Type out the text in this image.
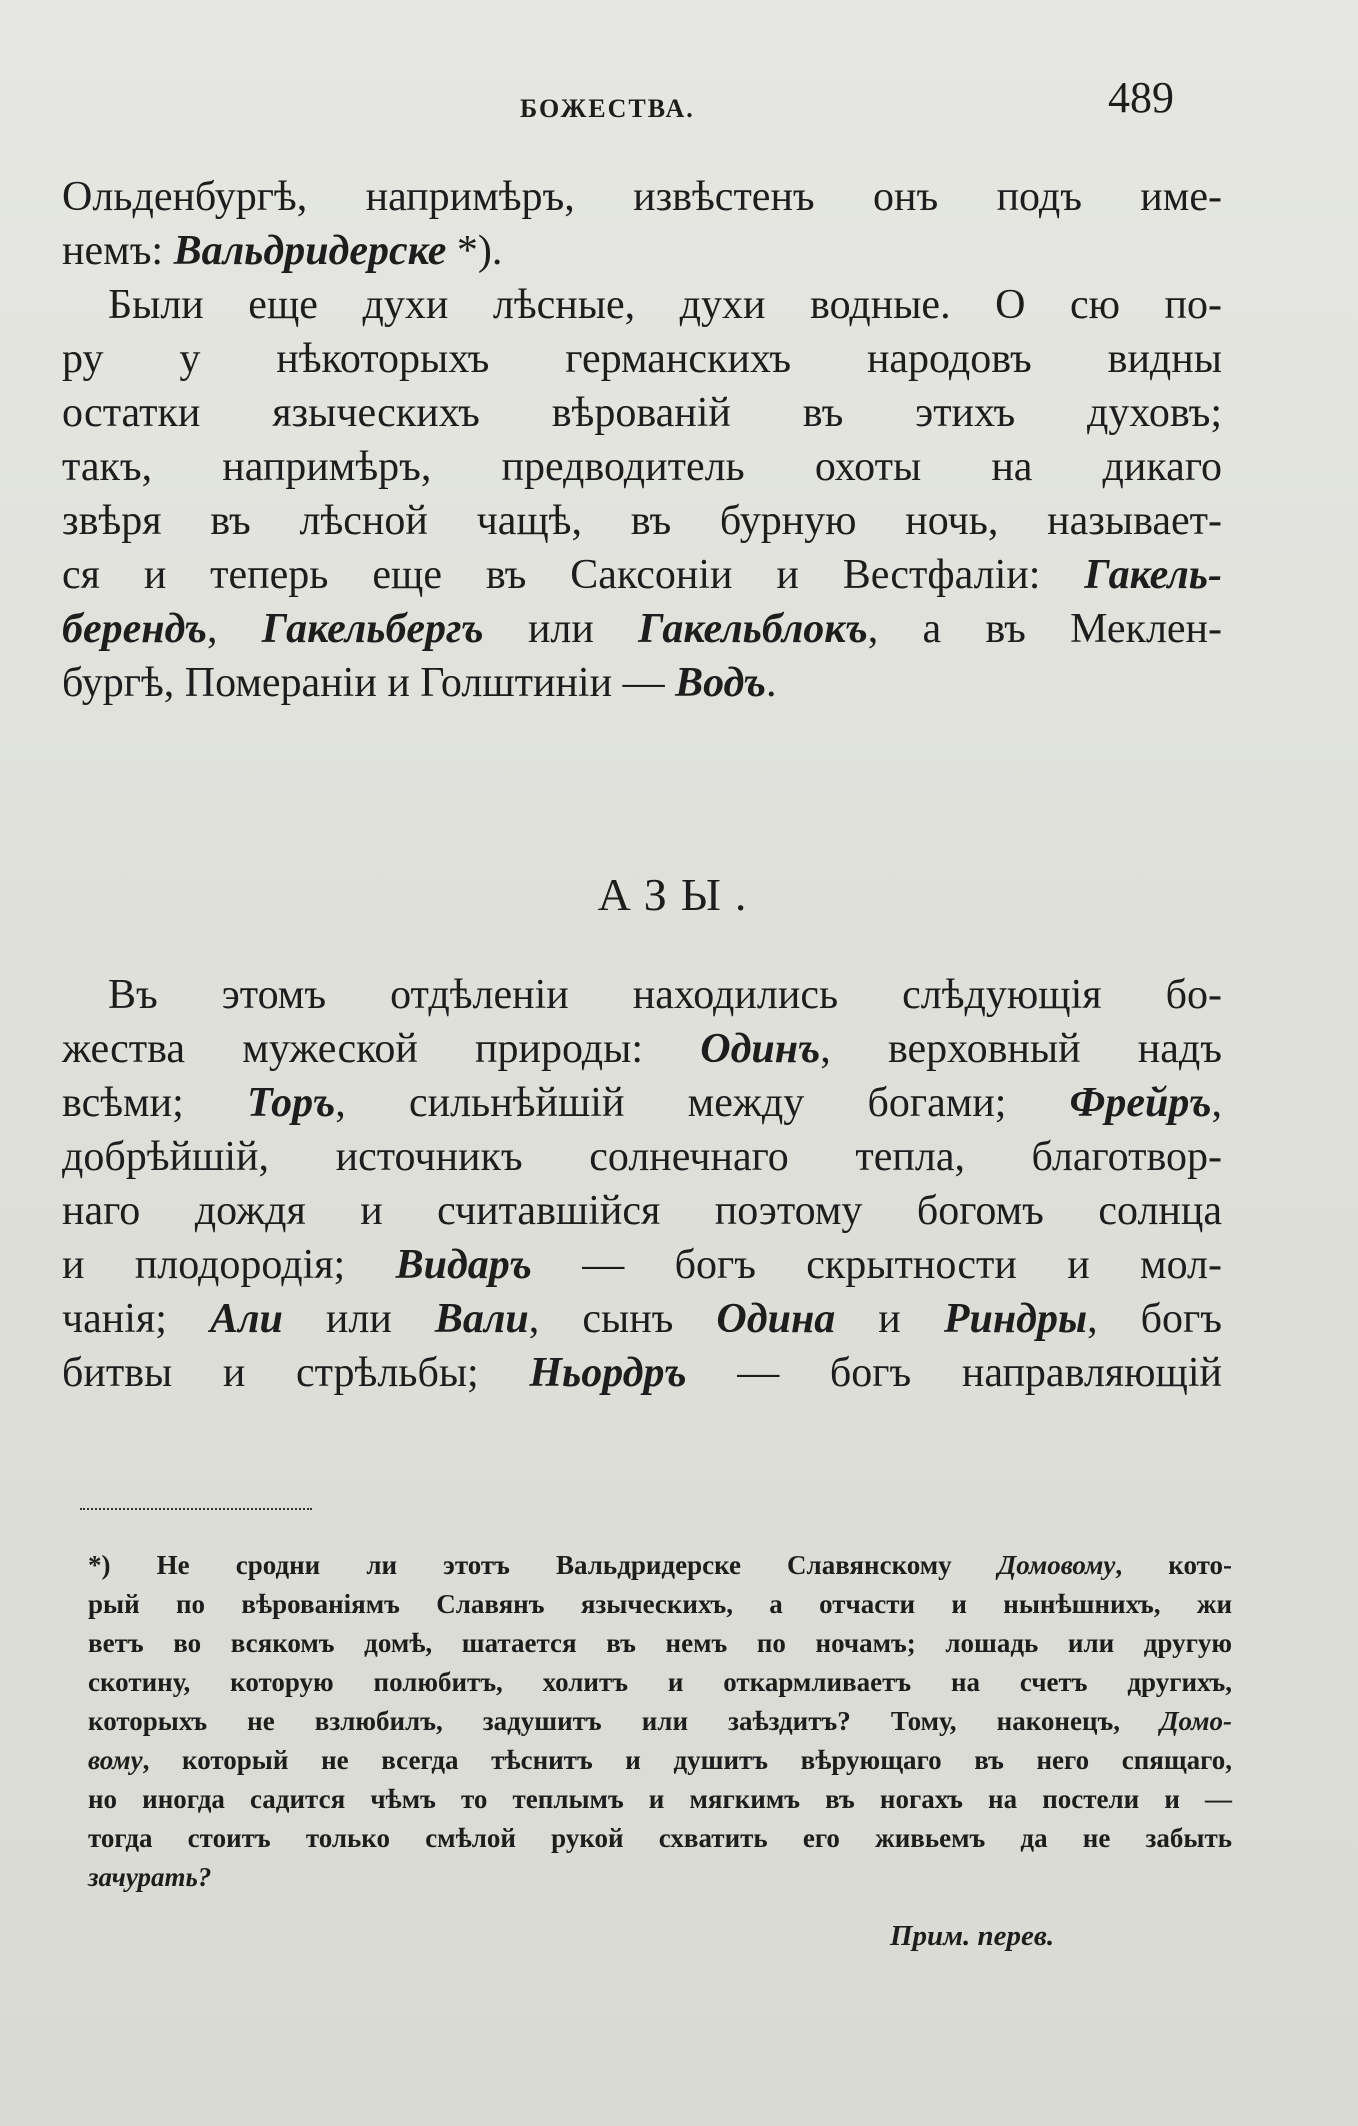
БОЖЕСТВА.	489
Ольденбургѣ, напримѣръ, извѣстенъ онъ подъ име-
немъ: Вальдридерске *).
Были еще духи лѣсные, духи водные. О сю по-
ру у нѣкоторыхъ германскихъ народовъ видны
остатки языческихъ вѣрованій въ этихъ духовъ;
такъ, напримѣръ, предводитель охоты на дикаго
звѣря въ лѣсной чащѣ, въ бурную ночь, называет-
ся и теперь еще въ Саксоніи и Вестфаліи: Гакель-
берендъ, Гакельбергъ или Гакельблокъ, а въ Меклен-
бургѣ, Помераніи и Голштиніи — Водъ.
АЗЫ.
Въ этомъ отдѣленіи находились слѣдующія бо-
жества мужеской природы: Одинъ, верховный надъ
всѣми; Торъ, сильнѣйшій между богами; Фрейръ,
добрѣйшій, источникъ солнечнаго тепла, благотвор-
наго дождя и считавшійся поэтому богомъ солнца
и плодородія; Видаръ — богъ скрытности и мол-
чанія; Али или Вали, сынъ Одина и Риндры, богъ
битвы и стрѣльбы; Ньордръ — богъ направляющій
*) Не сродни ли этотъ Вальдридерске Славянскому Домовому, кото-
рый по вѣрованіямъ Славянъ языческихъ, а отчасти и нынѣшнихъ, жи
ветъ во всякомъ домѣ, шатается въ немъ по ночамъ; лошадь или другую
скотину, которую полюбитъ, холитъ и откармливаетъ на счетъ другихъ,
которыхъ не взлюбилъ, задушитъ или заѣздитъ? Тому, наконецъ, Домо-
вому, который не всегда тѣснитъ и душитъ вѣрующаго въ него спящаго,
но иногда садится чѣмъ то теплымъ и мягкимъ въ ногахъ на постели и —
тогда стоитъ только смѣлой рукой схватить его живьемъ да не забыть
зачурать?
Прим. перев.
